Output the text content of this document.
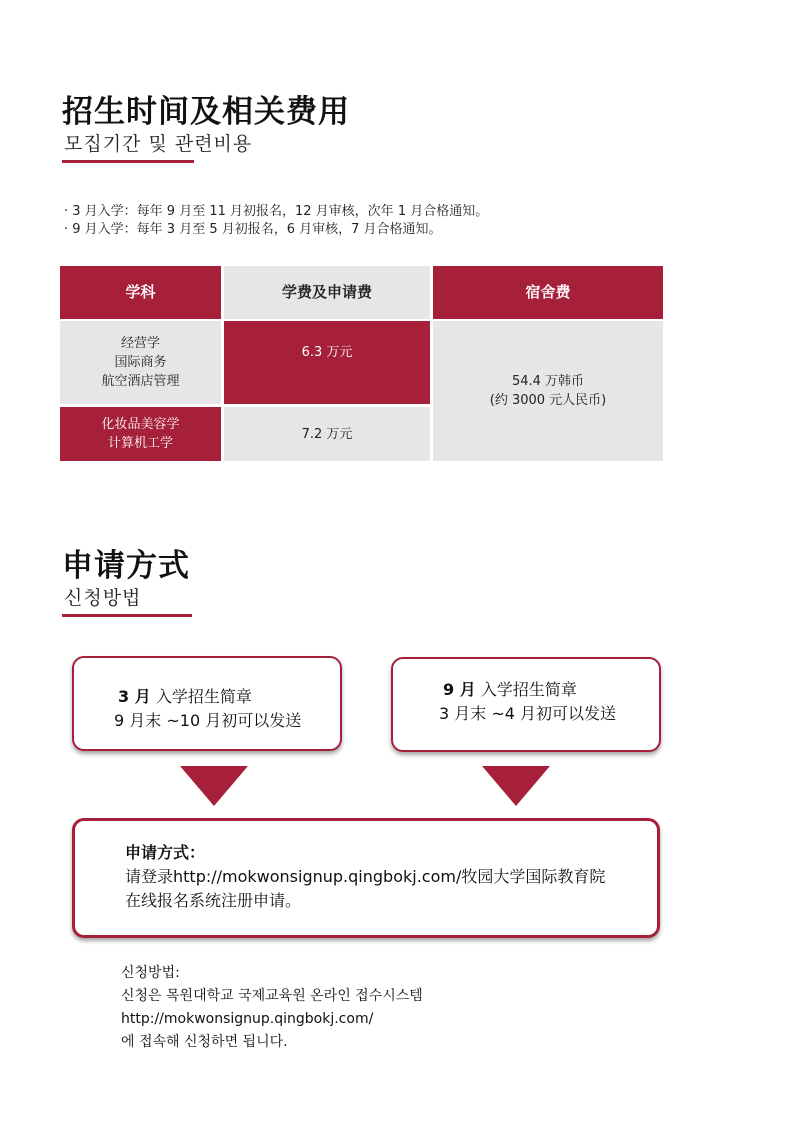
招生时间及相关费用
모집기간 및 관련비용
· 3 月入学：每年 9 月至 11 月初报名，12 月审核，次年 1 月合格通知。
· 9 月入学：每年 3 月至 5 月初报名，6 月审核，7 月合格通知。
学科	学费及申请费	宿舍费
经营学
国际商务
航空酒店管理
6.3 万元
化妆品美容学
计算机工学
7.2 万元
54.4 万韩币
(约 3000 元人民币)
申请方式
신청방법
3 月 入学招生简章
9 月末 ~10 月初可以发送
9 月 入学招生简章
3 月末 ~4 月初可以发送
申请方式：
请登录http://mokwonsignup.qingbokj.com/牧园大学国际教育院
在线报名系统注册申请。
신청방법:
신청은 목원대학교 국제교육원 온라인 접수시스템
http://mokwonsignup.qingbokj.com/
에 접속해 신청하면 됩니다.
